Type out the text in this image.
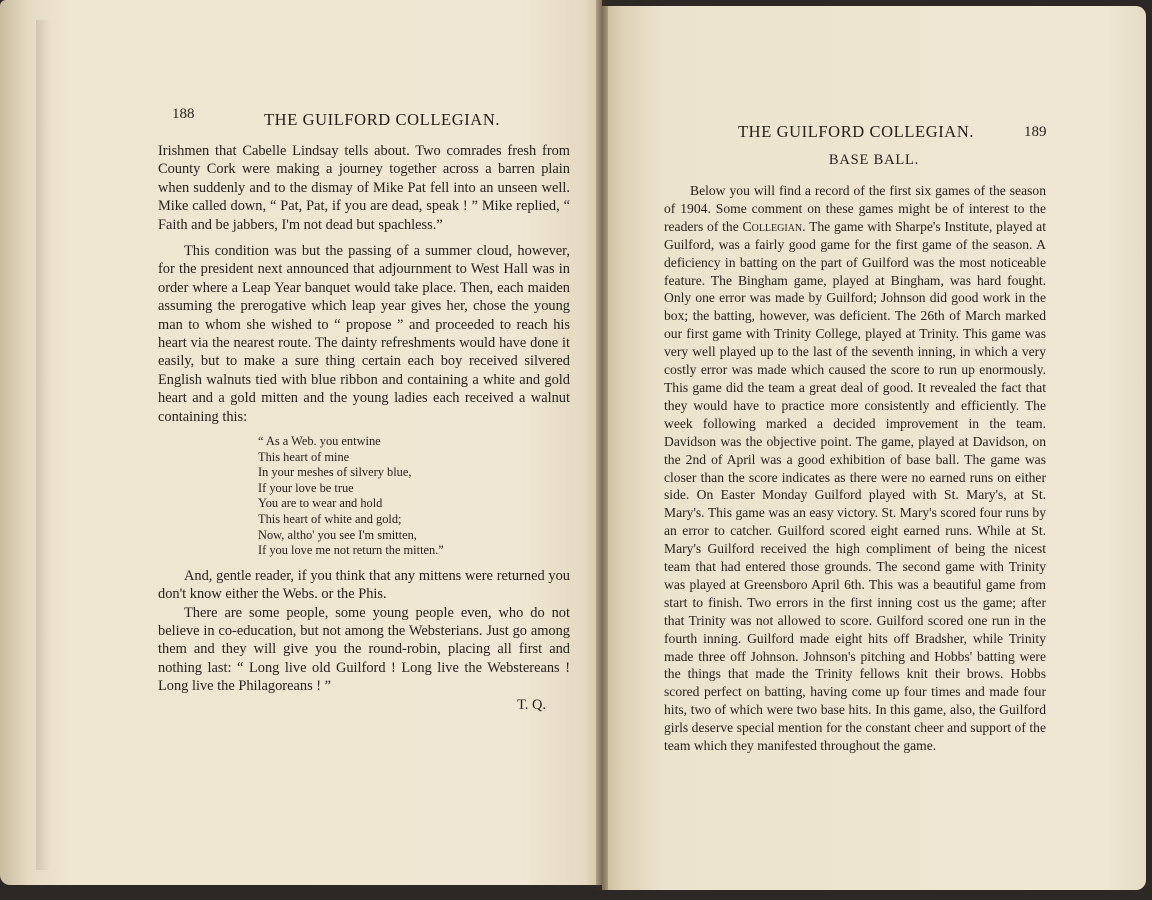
188	THE GUILFORD COLLEGIAN.

Irishmen that Cabelle Lindsay tells about. Two comrades fresh from County Cork were making a journey together across a barren plain when suddenly and to the dismay of Mike Pat fell into an unseen well. Mike called down, “ Pat, Pat, if you are dead, speak ! ” Mike replied, “ Faith and be jabbers, I'm not dead but spachless.”

This condition was but the passing of a summer cloud, however, for the president next announced that adjournment to West Hall was in order where a Leap Year banquet would take place. Then, each maiden assuming the prerogative which leap year gives her, chose the young man to whom she wished to “ propose ” and proceeded to reach his heart via the nearest route. The dainty refreshments would have done it easily, but to make a sure thing certain each boy received silvered English walnuts tied with blue ribbon and containing a white and gold heart and a gold mitten and the young ladies each received a walnut containing this:

“ As a Web. you entwine
This heart of mine
In your meshes of silvery blue,
If your love be true
You are to wear and hold
This heart of white and gold;
Now, altho' you see I'm smitten,
If you love me not return the mitten.”

And, gentle reader, if you think that any mittens were returned you don't know either the Webs. or the Phis.

There are some people, some young people even, who do not believe in co-education, but not among the Websterians. Just go among them and they will give you the round-robin, placing all first and nothing last: “ Long live old Guilford ! Long live the Webstereans ! Long live the Philagoreans ! ”

T. Q.

THE GUILFORD COLLEGIAN.	189
BASE BALL.

Below you will find a record of the first six games of the season of 1904. Some comment on these games might be of interest to the readers of the Collegian. The game with Sharpe's Institute, played at Guilford, was a fairly good game for the first game of the season. A deficiency in batting on the part of Guilford was the most noticeable feature. The Bingham game, played at Bingham, was hard fought. Only one error was made by Guilford; Johnson did good work in the box; the batting, however, was deficient. The 26th of March marked our first game with Trinity College, played at Trinity. This game was very well played up to the last of the seventh inning, in which a very costly error was made which caused the score to run up enormously. This game did the team a great deal of good. It revealed the fact that they would have to practice more consistently and efficiently. The week following marked a decided improvement in the team. Davidson was the objective point. The game, played at Davidson, on the 2nd of April was a good exhibition of base ball. The game was closer than the score indicates as there were no earned runs on either side. On Easter Monday Guilford played with St. Mary's, at St. Mary's. This game was an easy victory. St. Mary's scored four runs by an error to catcher. Guilford scored eight earned runs. While at St. Mary's Guilford received the high compliment of being the nicest team that had entered those grounds. The second game with Trinity was played at Greensboro April 6th. This was a beautiful game from start to finish. Two errors in the first inning cost us the game; after that Trinity was not allowed to score. Guilford scored one run in the fourth inning. Guilford made eight hits off Bradsher, while Trinity made three off Johnson. Johnson's pitching and Hobbs' batting were the things that made the Trinity fellows knit their brows. Hobbs scored perfect on batting, having come up four times and made four hits, two of which were two base hits. In this game, also, the Guilford girls deserve special mention for the constant cheer and support of the team which they manifested throughout the game.
